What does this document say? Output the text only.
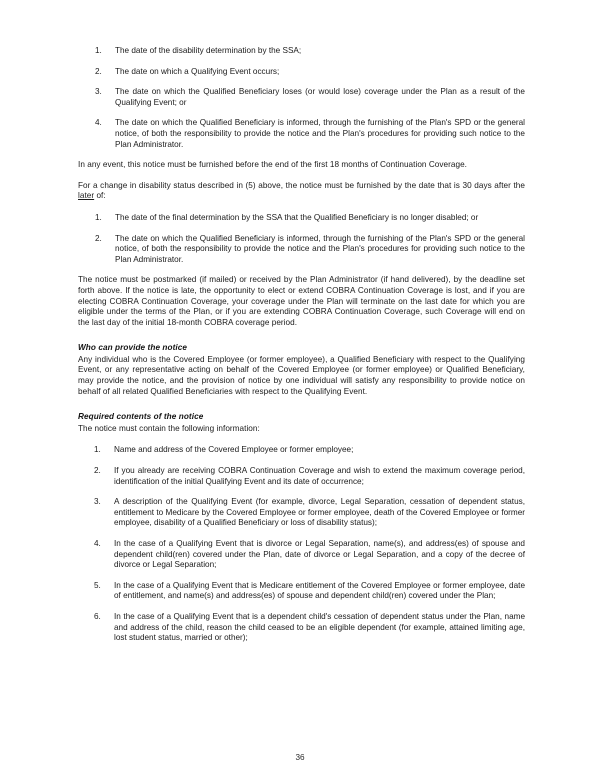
1.	The date of the disability determination by the SSA;
2.	The date on which a Qualifying Event occurs;
3.	The date on which the Qualified Beneficiary loses (or would lose) coverage under the Plan as a result of the Qualifying Event; or
4.	The date on which the Qualified Beneficiary is informed, through the furnishing of the Plan's SPD or the general notice, of both the responsibility to provide the notice and the Plan's procedures for providing such notice to the Plan Administrator.

In any event, this notice must be furnished before the end of the first 18 months of Continuation Coverage.

For a change in disability status described in (5) above, the notice must be furnished by the date that is 30 days after the later of:

1.	The date of the final determination by the SSA that the Qualified Beneficiary is no longer disabled; or
2.	The date on which the Qualified Beneficiary is informed, through the furnishing of the Plan's SPD or the general notice, of both the responsibility to provide the notice and the Plan's procedures for providing such notice to the Plan Administrator.

The notice must be postmarked (if mailed) or received by the Plan Administrator (if hand delivered), by the deadline set forth above. If the notice is late, the opportunity to elect or extend COBRA Continuation Coverage is lost, and if you are electing COBRA Continuation Coverage, your coverage under the Plan will terminate on the last date for which you are eligible under the terms of the Plan, or if you are extending COBRA Continuation Coverage, such Coverage will end on the last day of the initial 18-month COBRA coverage period.

Who can provide the notice

Any individual who is the Covered Employee (or former employee), a Qualified Beneficiary with respect to the Qualifying Event, or any representative acting on behalf of the Covered Employee (or former employee) or Qualified Beneficiary, may provide the notice, and the provision of notice by one individual will satisfy any responsibility to provide notice on behalf of all related Qualified Beneficiaries with respect to the Qualifying Event.

Required contents of the notice

The notice must contain the following information:

1.	Name and address of the Covered Employee or former employee;
2.	If you already are receiving COBRA Continuation Coverage and wish to extend the maximum coverage period, identification of the initial Qualifying Event and its date of occurrence;
3.	A description of the Qualifying Event (for example, divorce, Legal Separation, cessation of dependent status, entitlement to Medicare by the Covered Employee or former employee, death of the Covered Employee or former employee, disability of a Qualified Beneficiary or loss of disability status);
4.	In the case of a Qualifying Event that is divorce or Legal Separation, name(s), and address(es) of spouse and dependent child(ren) covered under the Plan, date of divorce or Legal Separation, and a copy of the decree of divorce or Legal Separation;
5.	In the case of a Qualifying Event that is Medicare entitlement of the Covered Employee or former employee, date of entitlement, and name(s) and address(es) of spouse and dependent child(ren) covered under the Plan;
6.	In the case of a Qualifying Event that is a dependent child's cessation of dependent status under the Plan, name and address of the child, reason the child ceased to be an eligible dependent (for example, attained limiting age, lost student status, married or other);
36
